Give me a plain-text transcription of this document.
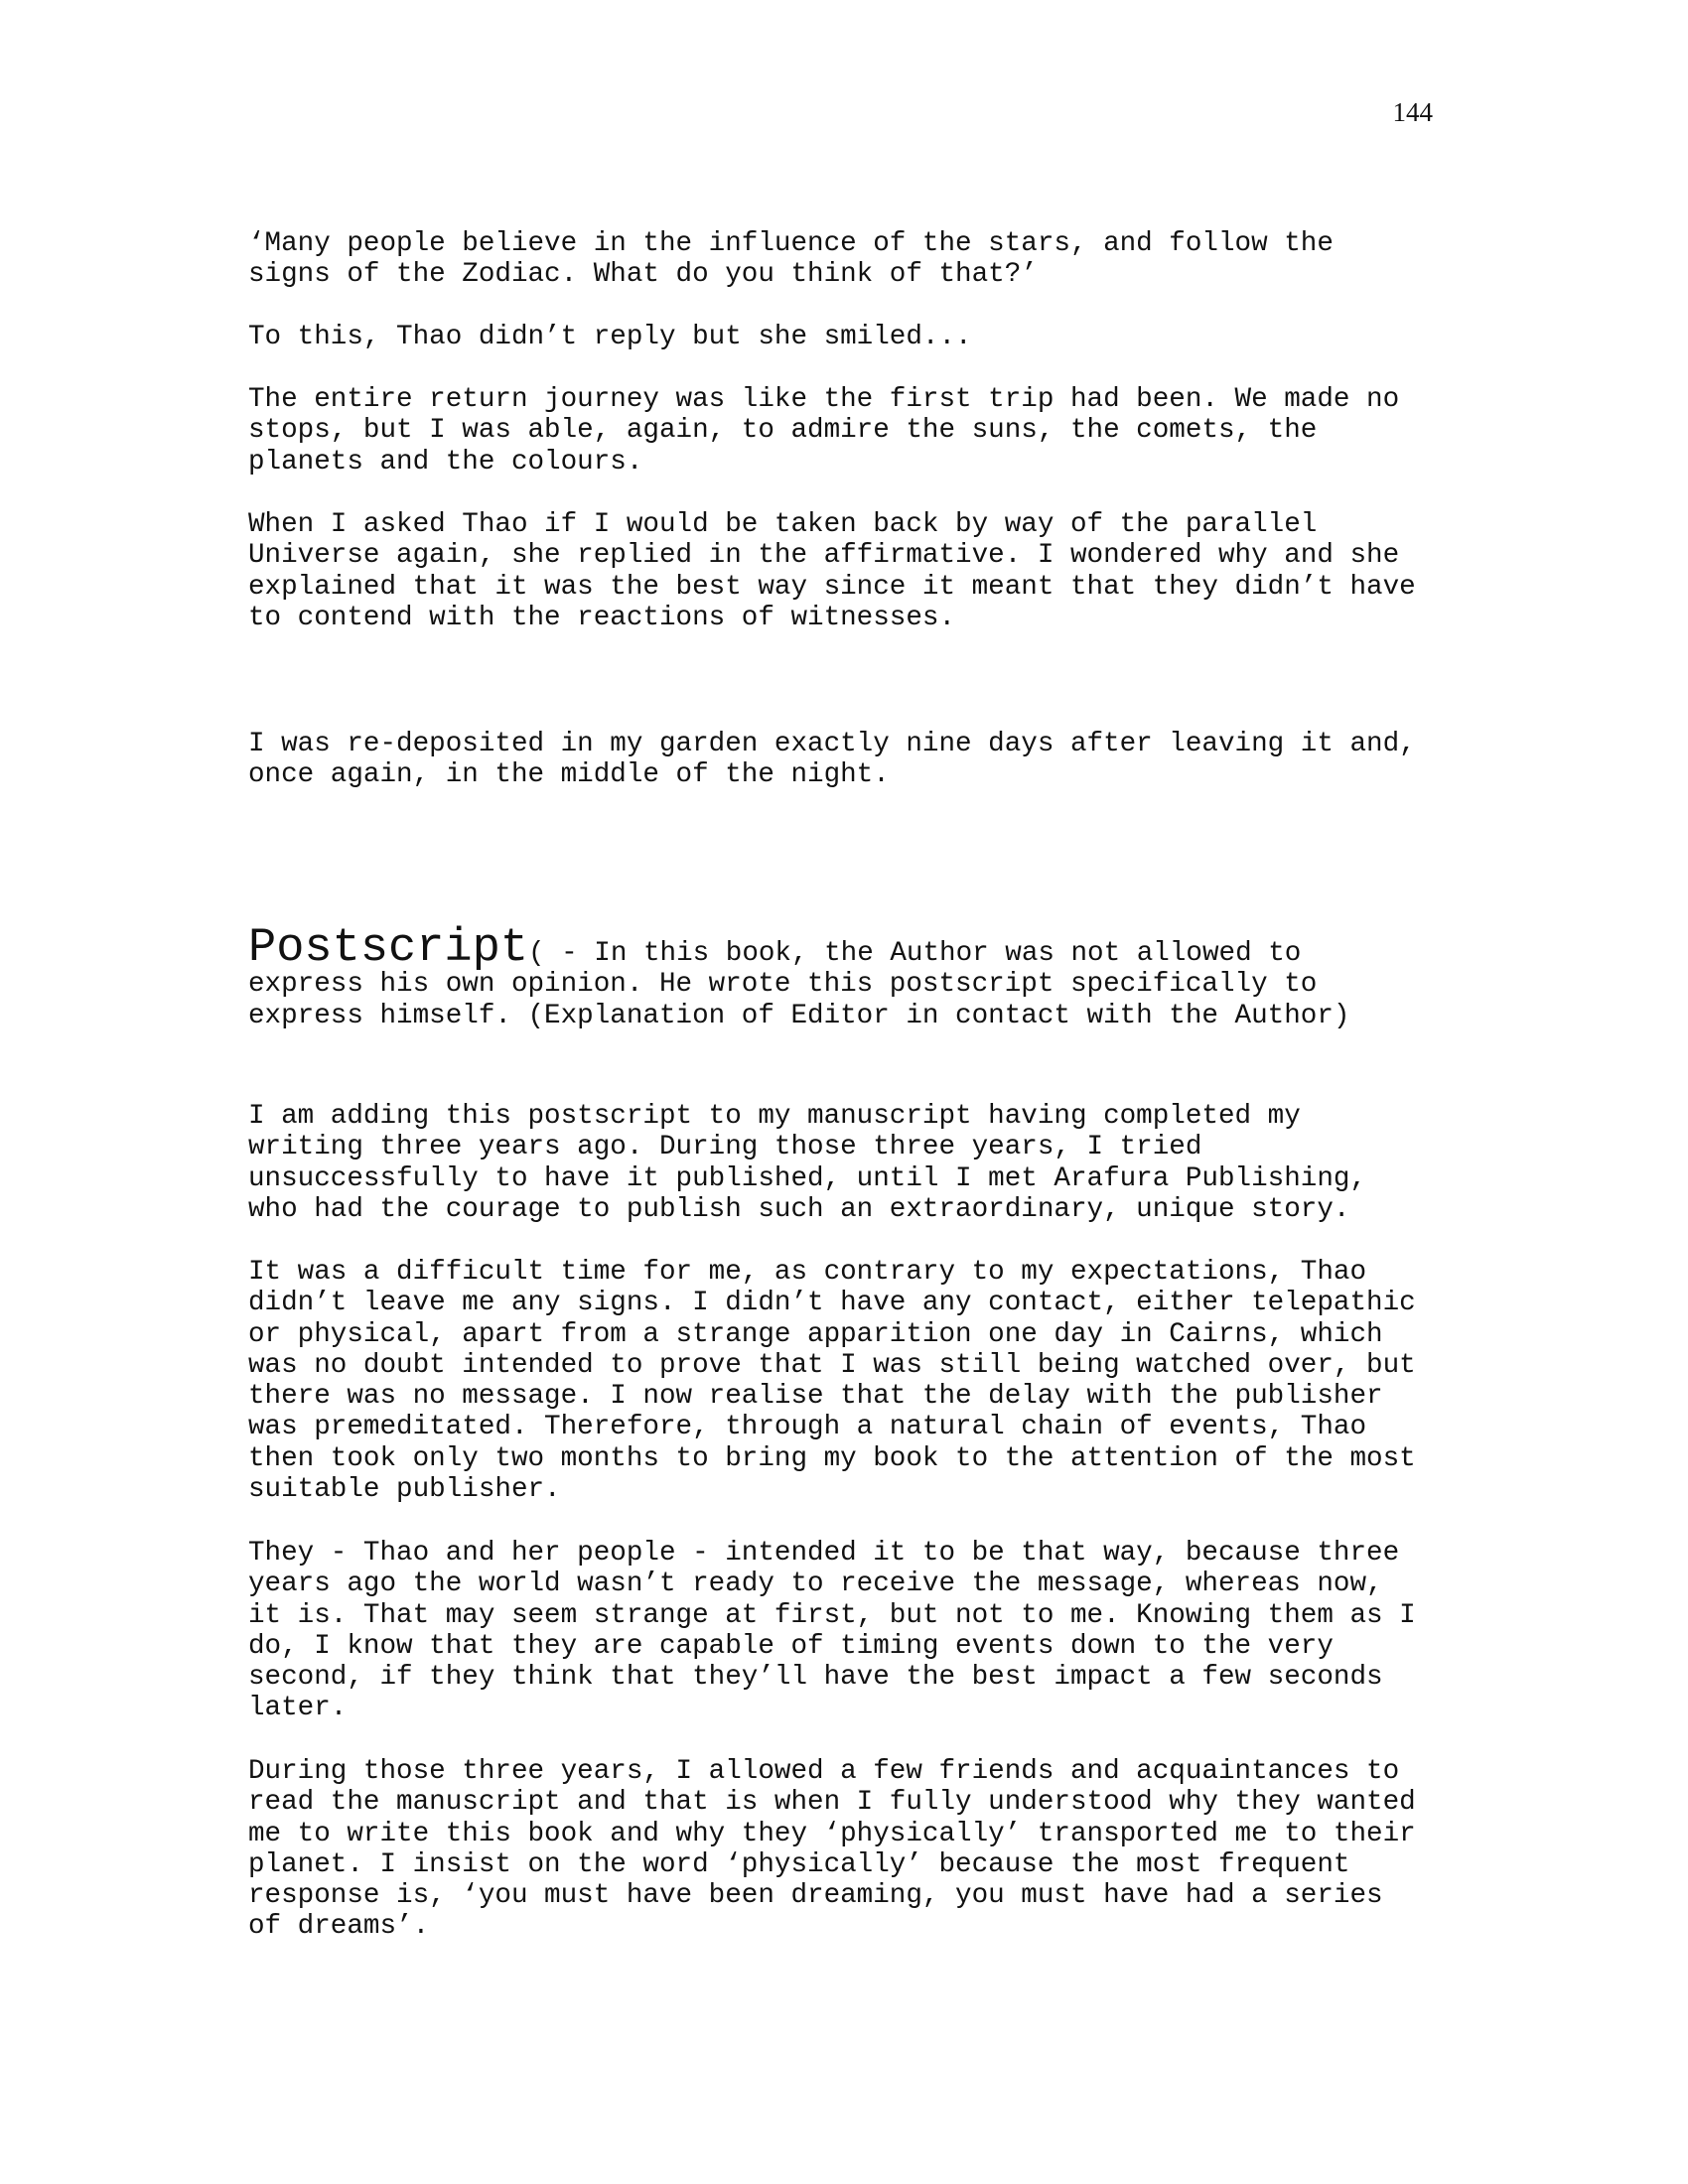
144
‘Many people believe in the influence of the stars, and follow the
signs of the Zodiac. What do you think of that?’
To this, Thao didn’t reply but she smiled...
The entire return journey was like the first trip had been. We made no
stops, but I was able, again, to admire the suns, the comets, the
planets and the colours.
When I asked Thao if I would be taken back by way of the parallel
Universe again, she replied in the affirmative. I wondered why and she
explained that it was the best way since it meant that they didn’t have
to contend with the reactions of witnesses.
I was re-deposited in my garden exactly nine days after leaving it and,
once again, in the middle of the night.
Postscript( - In this book, the Author was not allowed to
express his own opinion. He wrote this postscript specifically to
express himself. (Explanation of Editor in contact with the Author)
I am adding this postscript to my manuscript having completed my
writing three years ago. During those three years, I tried
unsuccessfully to have it published, until I met Arafura Publishing,
who had the courage to publish such an extraordinary, unique story.
It was a difficult time for me, as contrary to my expectations, Thao
didn’t leave me any signs. I didn’t have any contact, either telepathic
or physical, apart from a strange apparition one day in Cairns, which
was no doubt intended to prove that I was still being watched over, but
there was no message. I now realise that the delay with the publisher
was premeditated. Therefore, through a natural chain of events, Thao
then took only two months to bring my book to the attention of the most
suitable publisher.
They - Thao and her people - intended it to be that way, because three
years ago the world wasn’t ready to receive the message, whereas now,
it is. That may seem strange at first, but not to me. Knowing them as I
do, I know that they are capable of timing events down to the very
second, if they think that they’ll have the best impact a few seconds
later.
During those three years, I allowed a few friends and acquaintances to
read the manuscript and that is when I fully understood why they wanted
me to write this book and why they ‘physically’ transported me to their
planet. I insist on the word ‘physically’ because the most frequent
response is, ‘you must have been dreaming, you must have had a series
of dreams’.
